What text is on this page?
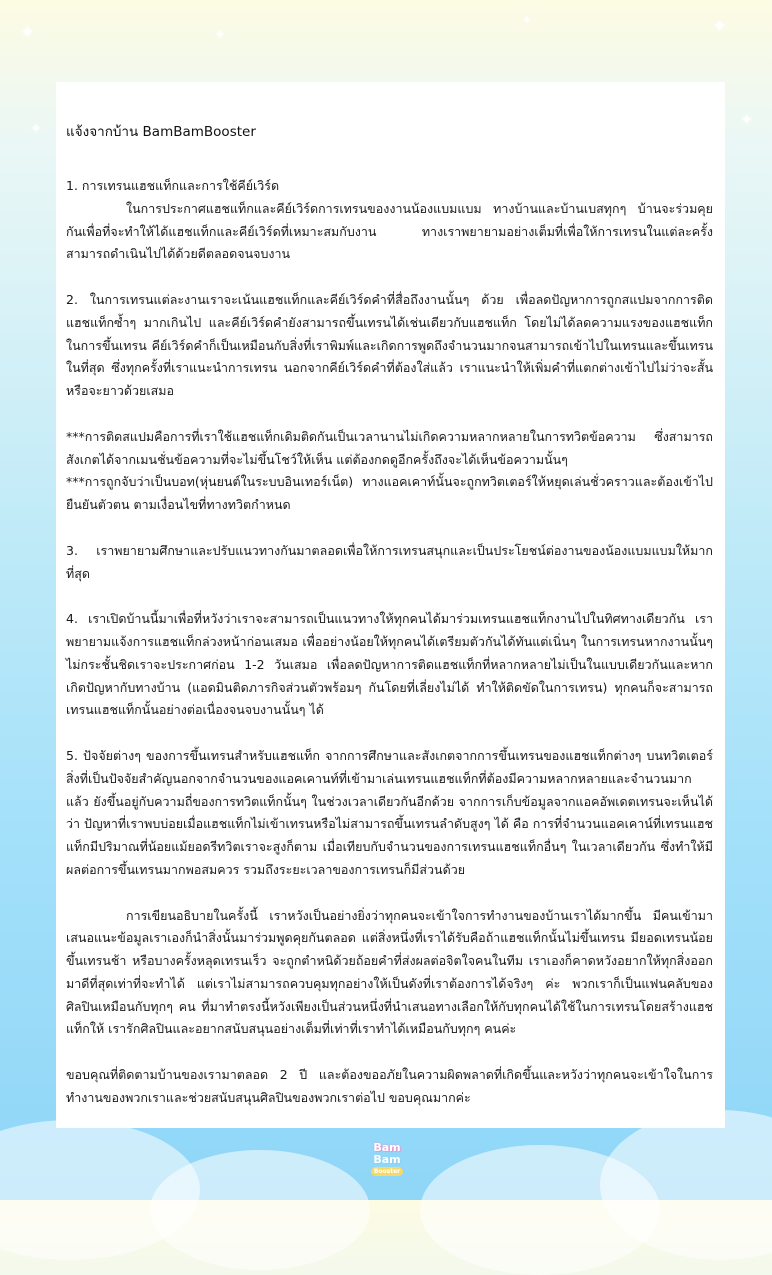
✦	✦
✦	✦
✦	✦
แจ้งจากบ้าน BamBamBooster

1. การเทรนแฮชแท็กและการใช้คีย์เวิร์ด

ในการประกาศแฮชแท็กและคีย์เวิร์ดการเทรนของงานน้องแบมแบม ทางบ้านและบ้านเบสทุกๆ บ้านจะร่วมคุยกันเพื่อที่จะทำให้ได้แฮชแท็กและคีย์เวิร์ดที่เหมาะสมกับงาน ทางเราพยายามอย่างเต็มที่เพื่อให้การเทรนในแต่ละครั้งสามารถดำเนินไปได้ด้วยดีตลอดจนจบงาน

2. ในการเทรนแต่ละงานเราจะเน้นแฮชแท็กและคีย์เวิร์ดคำที่สื่อถึงงานนั้นๆ ด้วย เพื่อลดปัญหาการถูกสแปมจากการติดแฮชแท็กซ้ำๆ มากเกินไป และคีย์เวิร์ดคำยังสามารถขึ้นเทรนได้เช่นเดียวกับแฮชแท็ก โดยไม่ได้ลดความแรงของแฮชแท็กในการขึ้นเทรน คีย์เวิร์ดคำก็เป็นเหมือนกับสิ่งที่เราพิมพ์และเกิดการพูดถึงจำนวนมากจนสามารถเข้าไปในเทรนและขึ้นเทรนในที่สุด ซึ่งทุกครั้งที่เราแนะนำการเทรน นอกจากคีย์เวิร์ดคำที่ต้องใส่แล้ว เราแนะนำให้เพิ่มคำที่แตกต่างเข้าไปไม่ว่าจะสั้นหรือจะยาวด้วยเสมอ

***การติดสแปมคือการที่เราใช้แฮชแท็กเดิมติดกันเป็นเวลานานไม่เกิดความหลากหลายในการทวิตข้อความ ซึ่งสามารถสังเกตได้จากเมนชั่นข้อความที่จะไม่ขึ้นโชว์ให้เห็น แต่ต้องกดดูอีกครั้งถึงจะได้เห็นข้อความนั้นๆ

***การถูกจับว่าเป็นบอท(หุ่นยนต์ในระบบอินเทอร์เน็ต) ทางแอคเคาท์นั้นจะถูกทวิตเตอร์ให้หยุดเล่นชั่วคราวและต้องเข้าไปยืนยันตัวตน ตามเงื่อนไขที่ทางทวิตกำหนด

3. เราพยายามศึกษาและปรับแนวทางกันมาตลอดเพื่อให้การเทรนสนุกและเป็นประโยชน์ต่องานของน้องแบมแบมให้มากที่สุด

4. เราเปิดบ้านนี้มาเพื่อที่หวังว่าเราจะสามารถเป็นแนวทางให้ทุกคนได้มาร่วมเทรนแฮชแท็กงานไปในทิศทางเดียวกัน เราพยายามแจ้งการแฮชแท็กล่วงหน้าก่อนเสมอ เพื่ออย่างน้อยให้ทุกคนได้เตรียมตัวกันได้ทันแต่เนิ่นๆ ในการเทรนหากงานนั้นๆ ไม่กระชั้นชิดเราจะประกาศก่อน 1-2 วันเสมอ เพื่อลดปัญหาการติดแฮชแท็กที่หลากหลายไม่เป็นในแบบเดียวกันและหากเกิดปัญหากับทางบ้าน (แอดมินติดภารกิจส่วนตัวพร้อมๆ กันโดยที่เลี่ยงไม่ได้ ทำให้ติดขัดในการเทรน) ทุกคนก็จะสามารถเทรนแฮชแท็กนั้นอย่างต่อเนื่องจนจบงานนั้นๆ ได้

5. ปัจจัยต่างๆ ของการขึ้นเทรนสำหรับแฮชแท็ก จากการศึกษาและสังเกตจากการขึ้นเทรนของแฮชแท็กต่างๆ บนทวิตเตอร์ สิ่งที่เป็นปัจจัยสำคัญนอกจากจำนวนของแอคเคานท์ที่เข้ามาเล่นเทรนแฮชแท็กที่ต้องมีความหลากหลายและจำนวนมากแล้ว ยังขึ้นอยู่กับความถี่ของการทวิตแท็กนั้นๆ ในช่วงเวลาเดียวกันอีกด้วย จากการเก็บข้อมูลจากแอคอัพเดตเทรนจะเห็นได้ว่า ปัญหาที่เราพบบ่อยเมื่อแฮชแท็กไม่เข้าเทรนหรือไม่สามารถขึ้นเทรนลำดับสูงๆ ได้ คือ การที่จำนวนแอคเคาน์ที่เทรนแฮชแท็กมีปริมาณที่น้อยแม้ยอดรีทวิตเราจะสูงก็ตาม เมื่อเทียบกับจำนวนของการเทรนแฮชแท็กอื่นๆ ในเวลาเดียวกัน ซึ่งทำให้มีผลต่อการขึ้นเทรนมากพอสมควร รวมถึงระยะเวลาของการเทรนก็มีส่วนด้วย

การเขียนอธิบายในครั้งนี้ เราหวังเป็นอย่างยิ่งว่าทุกคนจะเข้าใจการทำงานของบ้านเราได้มากขึ้น มีคนเข้ามาเสนอแนะข้อมูลเราเองก็นำสิ่งนั้นมาร่วมพูดคุยกันตลอด แต่สิ่งหนึ่งที่เราได้รับคือถ้าแฮชแท็กนั้นไม่ขึ้นเทรน มียอดเทรนน้อย ขึ้นเทรนช้า หรือบางครั้งหลุดเทรนเร็ว จะถูกตำหนิด้วยถ้อยคำที่ส่งผลต่อจิตใจคนในทีม เราเองก็คาดหวังอยากให้ทุกสิ่งออกมาดีที่สุดเท่าที่จะทำได้ แต่เราไม่สามารถควบคุมทุกอย่างให้เป็นดังที่เราต้องการได้จริงๆ ค่ะ พวกเราก็เป็นแฟนคลับของศิลปินเหมือนกับทุกๆ คน ที่มาทำตรงนี้หวังเพียงเป็นส่วนหนึ่งที่นำเสนอทางเลือกให้กับทุกคนได้ใช้ในการเทรนโดยสร้างแฮชแท็กให้ เรารักศิลปินและอยากสนับสนุนอย่างเต็มที่เท่าที่เราทำได้เหมือนกับทุกๆ คนค่ะ

ขอบคุณที่ติดตามบ้านของเรามาตลอด 2 ปี และต้องขออภัยในความผิดพลาดที่เกิดขึ้นและหวังว่าทุกคนจะเข้าใจในการทำงานของพวกเราและช่วยสนับสนุนศิลปินของพวกเราต่อไป ขอบคุณมากค่ะ

Bam
Bam
Booster
